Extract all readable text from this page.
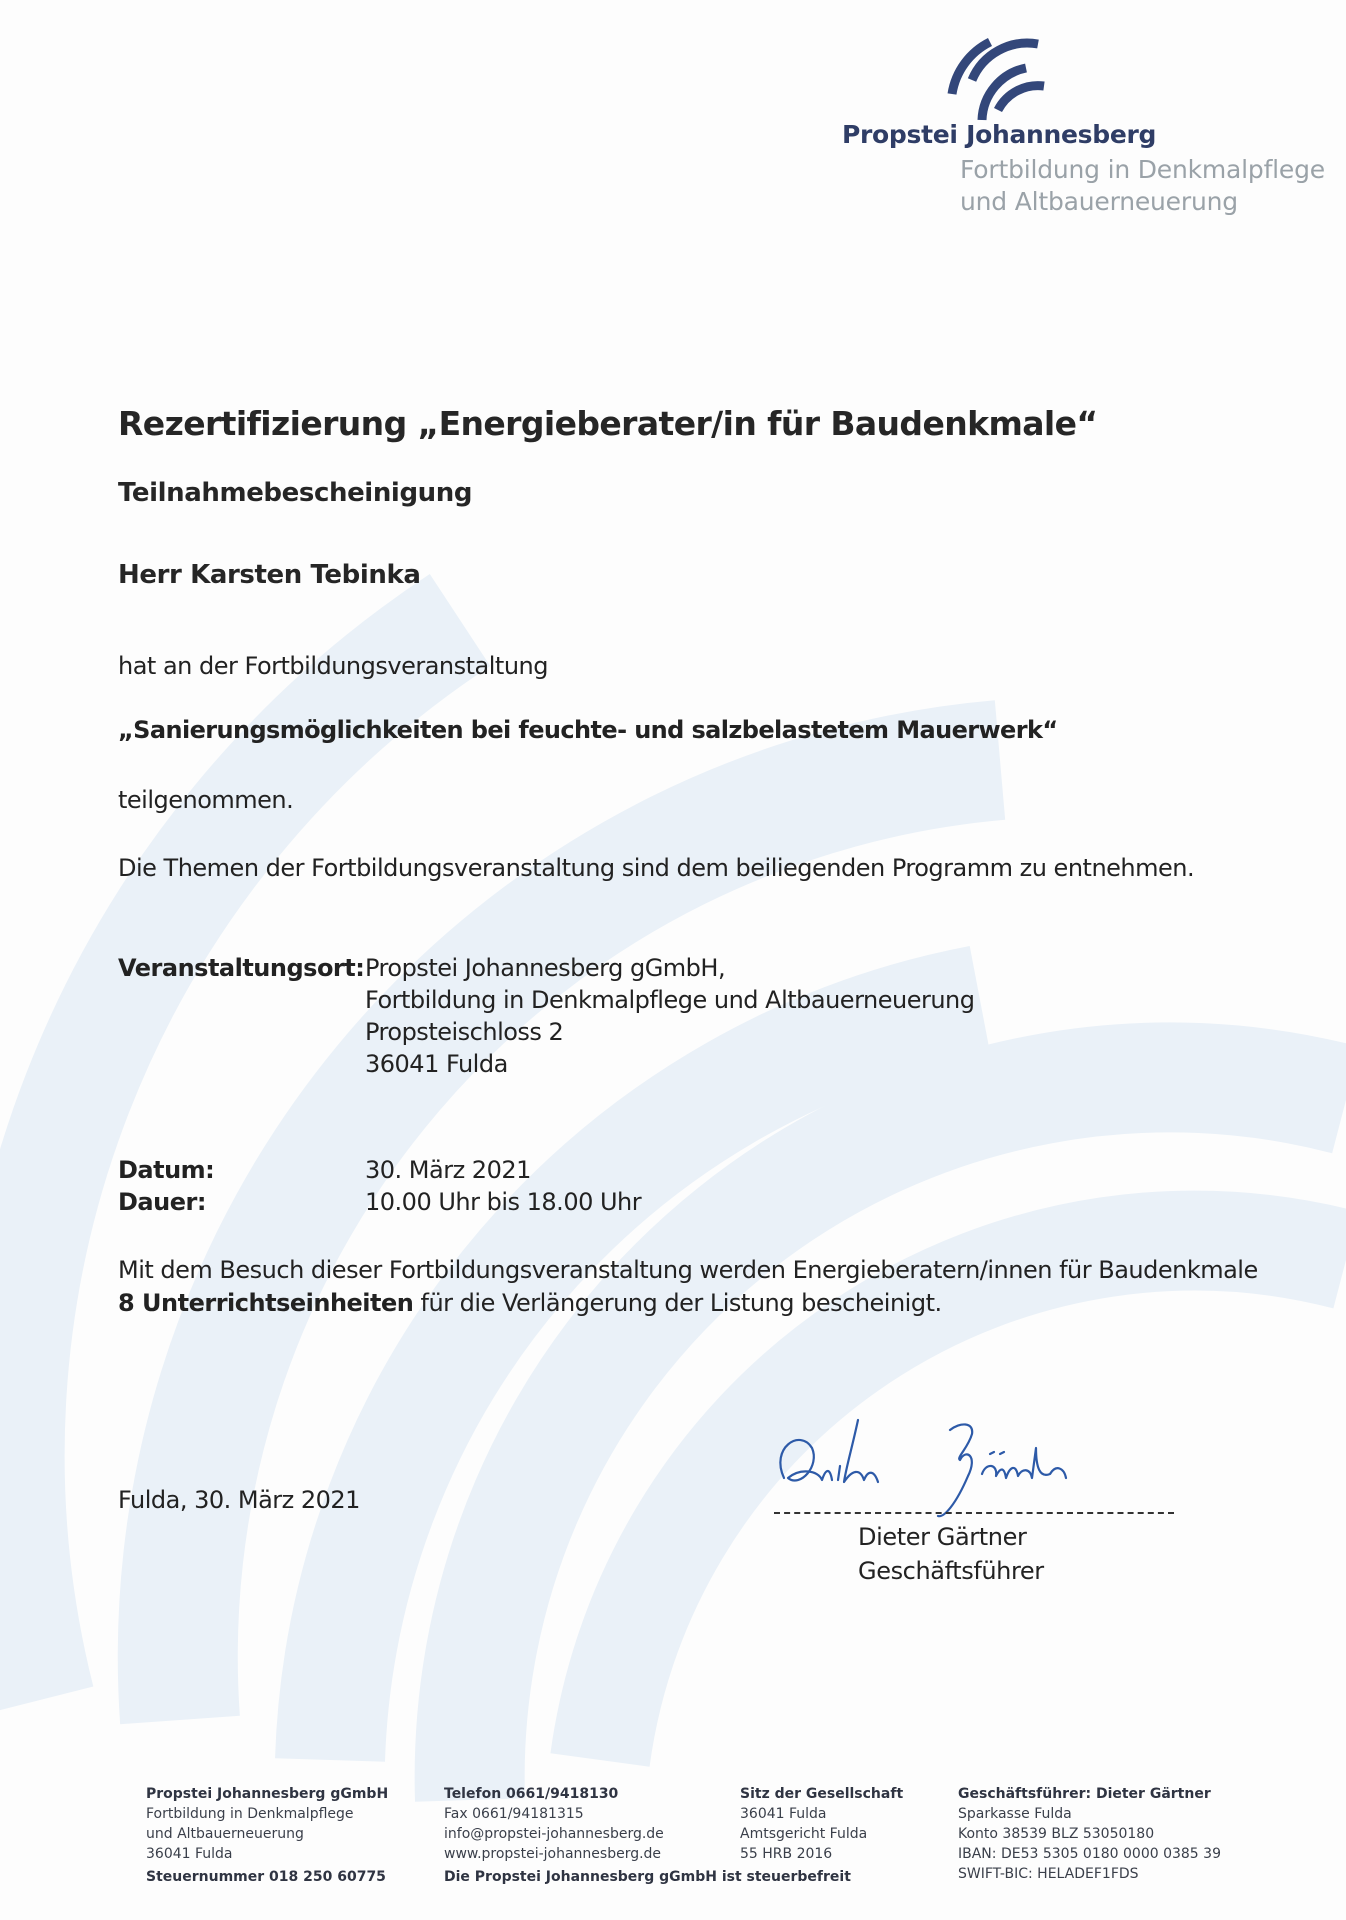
Propstei Johannesberg
Fortbildung in Denkmalpflege
und Altbauerneuerung
Rezertifizierung „Energieberater/in für Baudenkmale“
Teilnahmebescheinigung
Herr Karsten Tebinka
hat an der Fortbildungsveranstaltung
„Sanierungsmöglichkeiten bei feuchte- und salzbelastetem Mauerwerk“
teilgenommen.
Die Themen der Fortbildungsveranstaltung sind dem beiliegenden Programm zu entnehmen.
Veranstaltungsort: Propstei Johannesberg gGmbH,
Fortbildung in Denkmalpflege und Altbauerneuerung
Propsteischloss 2
36041 Fulda
Datum:	30. März 2021
Dauer:	10.00 Uhr bis 18.00 Uhr
Mit dem Besuch dieser Fortbildungsveranstaltung werden Energieberatern/innen für Baudenkmale
8 Unterrichtseinheiten für die Verlängerung der Listung bescheinigt.
Fulda, 30. März 2021
Dieter Gärtner
Geschäftsführer
Propstei Johannesberg gGmbH
Fortbildung in Denkmalpflege
und Altbauerneuerung
36041 Fulda
Steuernummer 018 250 60775
Telefon 0661/9418130
Fax 0661/94181315
info@propstei-johannesberg.de
www.propstei-johannesberg.de
Die Propstei Johannesberg gGmbH ist steuerbefreit
Sitz der Gesellschaft
36041 Fulda
Amtsgericht Fulda
55 HRB 2016
Geschäftsführer: Dieter Gärtner
Sparkasse Fulda
Konto 38539 BLZ 53050180
IBAN: DE53 5305 0180 0000 0385 39
SWIFT-BIC: HELADEF1FDS
